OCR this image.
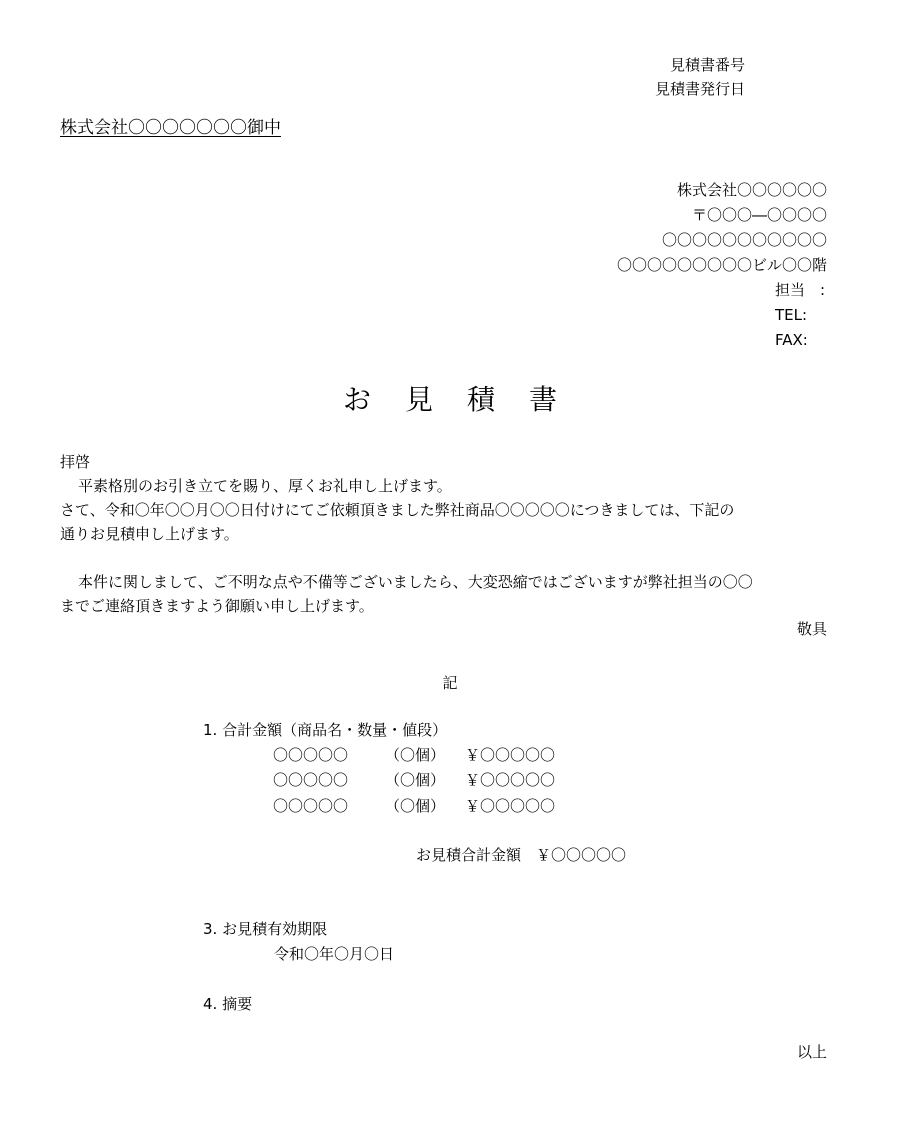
見積書番号
見積書発行日
株式会社〇〇〇〇〇〇〇御中
株式会社〇〇〇〇〇〇
〒〇〇〇―〇〇〇〇
〇〇〇〇〇〇〇〇〇〇〇
〇〇〇〇〇〇〇〇〇ビル〇〇階
担当　:
TEL:
FAX:
お見積書

拝啓

平素格別のお引き立てを賜り、厚くお礼申し上げます。

さて、令和〇年〇〇月〇〇日付けにてご依頼頂きました弊社商品〇〇〇〇〇につきましては、下記の

通りお見積申し上げます。

本件に関しまして、ご不明な点や不備等ございましたら、大変恐縮ではございますが弊社担当の〇〇

までご連絡頂きますよう御願い申し上げます。

敬具
記
1. 合計金額（商品名・数量・値段）
〇〇〇〇〇 （〇個） ￥〇〇〇〇〇
〇〇〇〇〇 （〇個） ￥〇〇〇〇〇
〇〇〇〇〇 （〇個） ￥〇〇〇〇〇
お見積合計金額　￥〇〇〇〇〇
3. お見積有効期限
令和〇年〇月〇日
4. 摘要
以上
